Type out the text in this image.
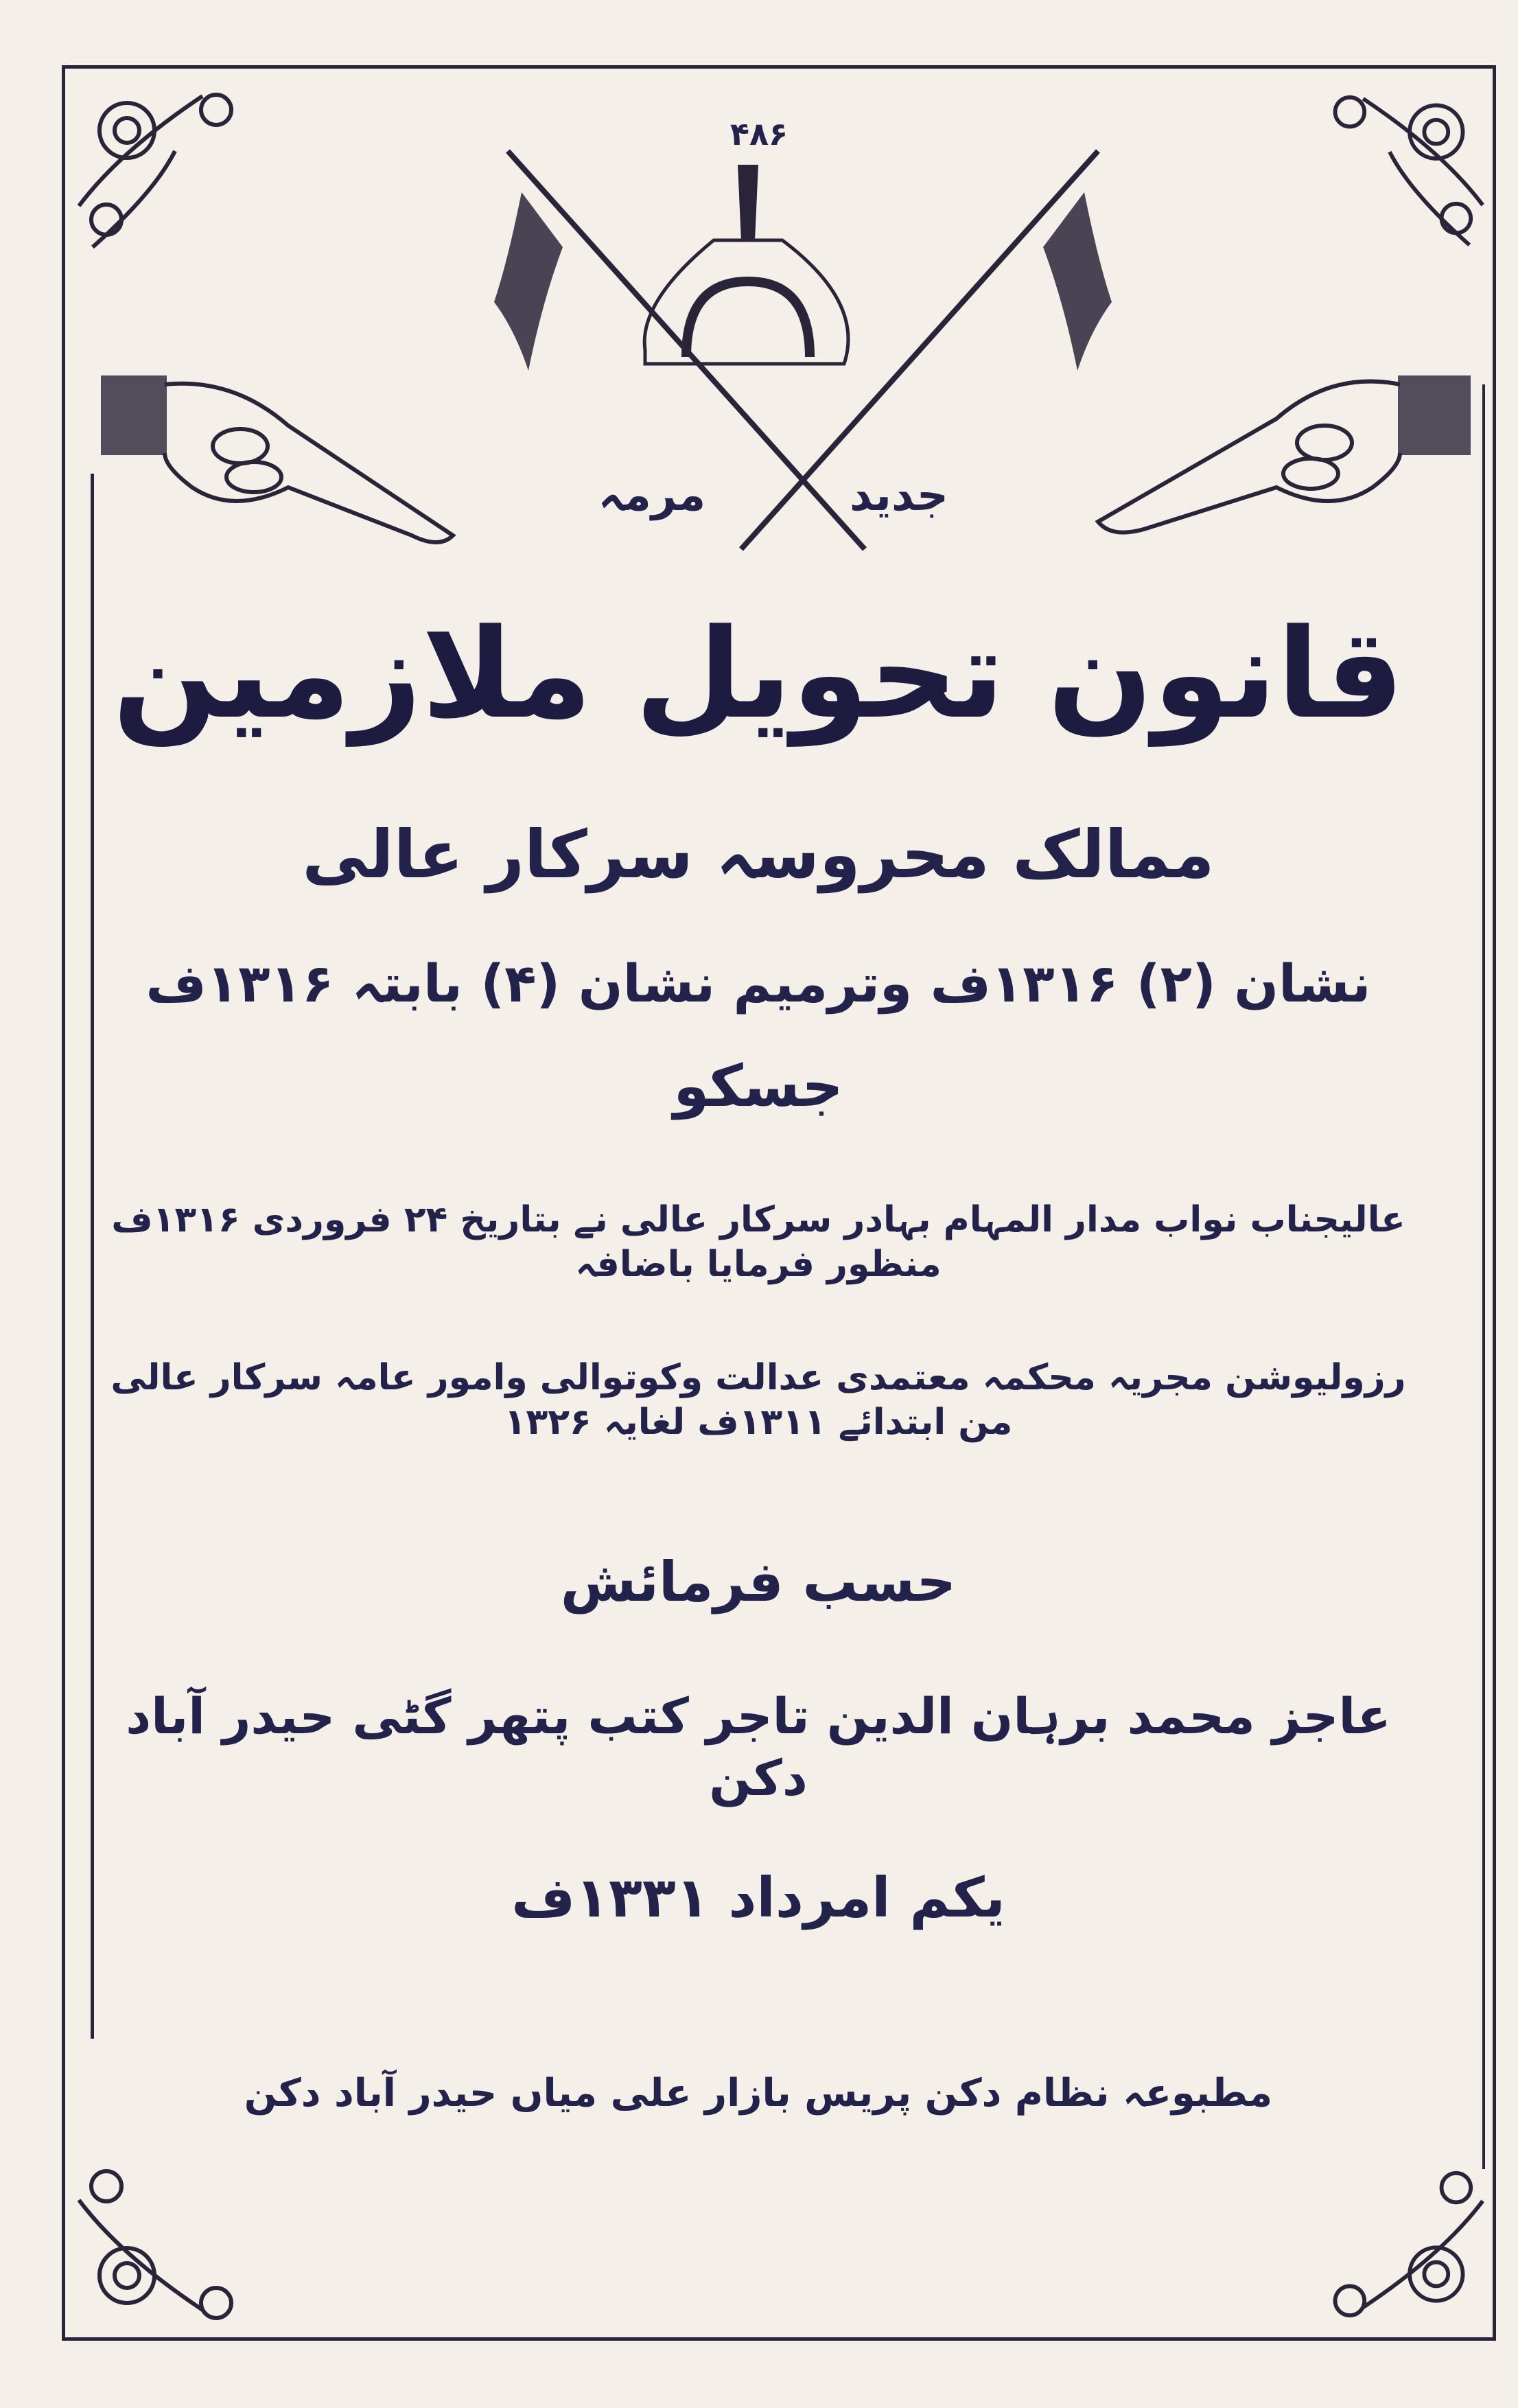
۴۸۶
جدید
مرمہ
قانون تحویل ملازمین
ممالک محروسہ سرکار عالی
نشان (۲) ۱۳۱۶ف وترمیم نشان (۴) بابتہ ۱۳۱۶ف
جسکو
عالیجناب نواب مدار المہام بہادر سرکار عالی نے بتاریخ ۲۴ فروردی ۱۳۱۶ف منظور فرمایا باضافہ
رزولیوشن مجریہ محکمہ معتمدی عدالت وکوتوالی وامور عامہ سرکار عالی من ابتدائے ۱۳۱۱ف لغایہ ۱۳۲۶
حسب فرمائش
عاجز محمد برہان الدین تاجر کتب پتھر گٹی حیدر آباد دکن
یکم امرداد ۱۳۳۱ف
مطبوعہ نظام دکن پریس بازار علی میاں حیدر آباد دکن
